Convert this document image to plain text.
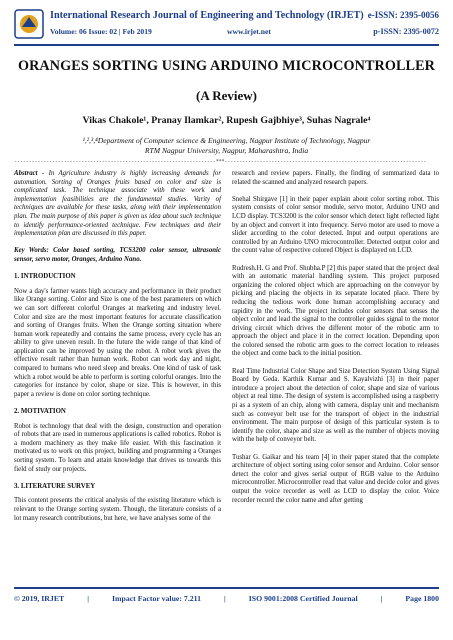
International Research Journal of Engineering and Technology (IRJET) e-ISSN: 2395-0056
Volume: 06 Issue: 02 | Feb 2019	www.irjet.net	p-ISSN: 2395-0072
ORANGES SORTING USING ARDUINO MICROCONTROLLER
(A Review)
Vikas Chakole¹, Pranay Ilamkar², Rupesh Gajbhiye³, Suhas Nagrale⁴
¹,²,³,⁴Department of Computer science & Engineering, Nagpur Institute of Technology, Nagpur
RTM Nagpur University, Nagpur, Maharashtra, India
---------------------------------------------------------------------***---------------------------------------------------------------------

Abstract - In Agriculture industry is highly increasing demands for automation. Sorting of Oranges fruits based on color and size is complicated task. The technique associate with these work and implementation feasibilities are the fundamental studies. Varity of techniques are available for these tasks, along with their implementation plan. The main purpose of this paper is given us idea about such technique to identify performance-oriented technique. Few techniques and their implementation plan are discussed in this paper.

Key Words: Color based sorting, TCS3200 color sensor, ultrasonic sensor, servo motor, Oranges, Arduino Nano.

1. INTRODUCTION

Now a day's farmer wants high accuracy and performance in their product like Orange sorting. Color and Size is one of the best parameters on which we can sort different colorful Oranges at marketing and industry level. Color and size are the most important features for accurate classification and sorting of Oranges fruits. When the Orange sorting situation where human work repeatedly and contains the same process, every cycle has an ability to give uneven result. In the future the wide range of that kind of application can be improved by using the robot. A robot work gives the effective result rather than human work. Robot can work day and night, compared to humans who need sleep and breaks. One kind of task of task which a robot would be able to perform is sorting colorful oranges. Into the categories for instance by color, shape or size. This is however, in this paper a review is done on color sorting technique.

2. MOTIVATION

Robot is technology that deal with the design, construction and operation of robots that are used in numerous applications is called robotics. Robot is a modern machinery as they make life easier. With this fascination it motivated us to work on this project, building and programming a Oranges sorting system. To learn and attain knowledge that drives us towards this field of study our projects.

3. LITERATURE SURVEY

This content presents the critical analysis of the existing literature which is relevant to the Orange sorting system. Though, the literature consists of a lot many research contributions, but here, we have analyses some of the

research and review papers. Finally, the finding of summarized data to related the scanned and analyzed research papers.

Snehal Shirgave [1] in their paper explain about color sorting robot. This system consists of color sensor module, servo motor, Arduino UNO and LCD display. TCS3200 is the color sensor which detect light reflected light by an object and convert it into frequency. Servo motor are used to move a slider according to the color detected. Input and output operations are controlled by an Arduino UNO microcontroller. Detected output color and the count value of respective colored Object is displayed on LCD.

Rudresh.H. G and Prof. Shubha.P [2] this paper stated that the project deal with an automatic material handling system. This project purposed organizing the colored object which are approaching on the conveyor by picking and placing the objects in its separate located place. There by reducing the tedious work done human accomplishing accuracy and rapidity in the work. The project includes color sensors that senses the object color and lead the signal to the controller guides signal to the motor driving circuit which drives the different motor of the robotic arm to approach the object and place it in the correct location. Depending upon the colored sensed the robotic arm goes to the correct location to releases the object and come back to the initial position.

Real Time Industrial Color Shape and Size Detection System Using Signal Board by Geda. Karthik Kumar and S. Kayalvizhi [3] in their paper introduce a project about the detection of color, shape and size of various object at real time. The design of system is accomplished using a raspberry pi as a system of an chip, along with camera, display unit and mechanism such as conveyor belt use for the transport of object in the industrial environment. The main purpose of design of this particular system is to identify the color, shape and size as well as the number of objects moving with the help of conveyor belt.

Tushar G. Gaikar and his team [4] in their paper stated that the complete architecture of object sorting using color sensor and Arduino. Color sensor detect the color and gives serial output of RGB value to the Arduino microcontroller. Microcontroller read that value and decide color and gives output the voice recorder as well as LCD to display the color. Voice recorder record the color name and after getting

© 2019, IRJET	|	Impact Factor value: 7.211	|	ISO 9001:2008 Certified Journal	|	Page 1800
